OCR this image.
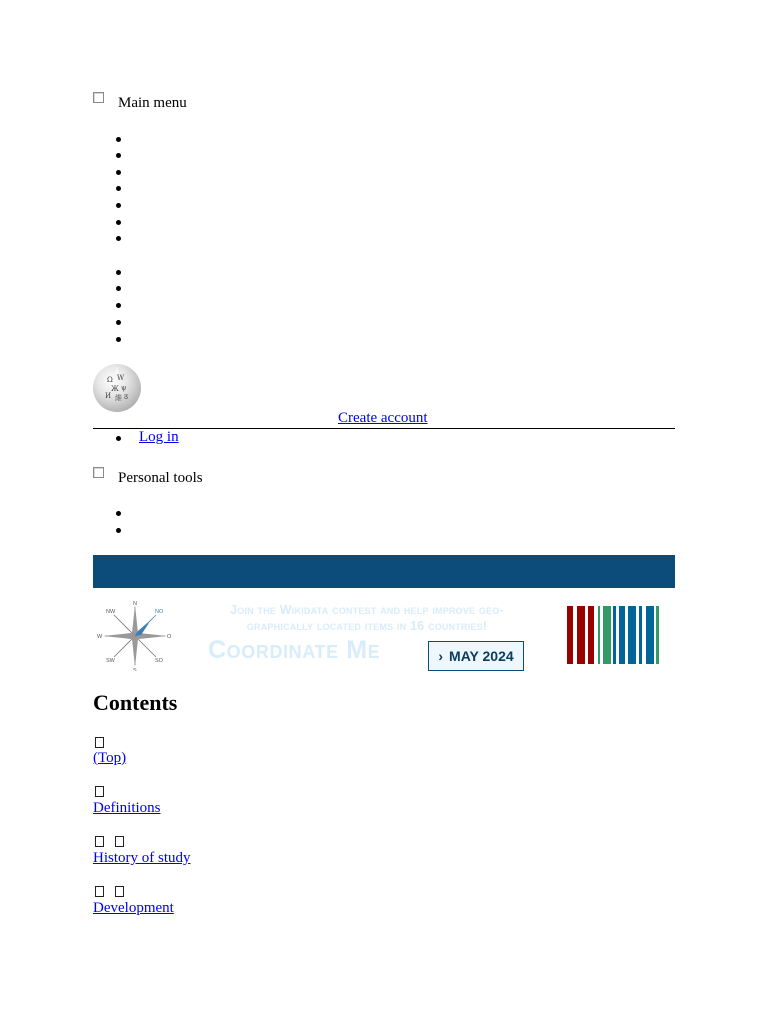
Main menu
Ω W
Ж ψ
И 維 ठ
Create account
Log in
Personal tools
N
S
W	O
NW	NO
SW	SO
Join the Wikidata contest and help improve geo-
graphically located items in 16 countries!
Coordinate Me	› MAY 2024
Contents
(Top)
Definitions
History of study
Development
